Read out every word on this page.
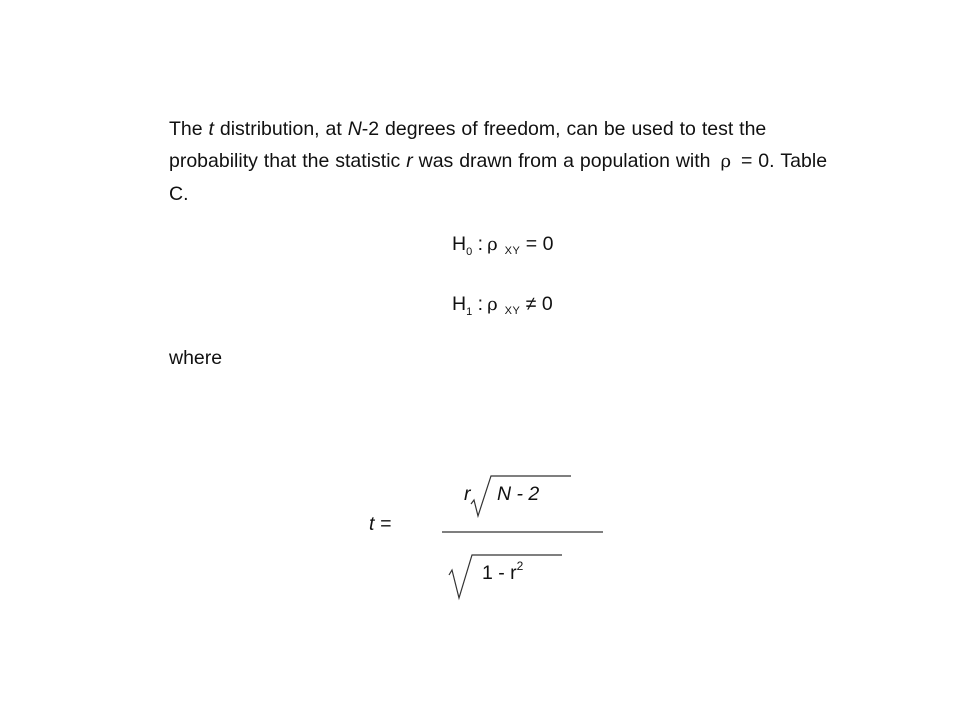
The t distribution, at N-2 degrees of freedom, can be used to test the probability that the statistic r was drawn from a population with ρ = 0. Table C.

$H_0$ : ρ $_{XY}$ = 0
$H_1$ : ρ $_{XY}$ ≠ 0
where
t =
r N - 2
$1 - r^2$
